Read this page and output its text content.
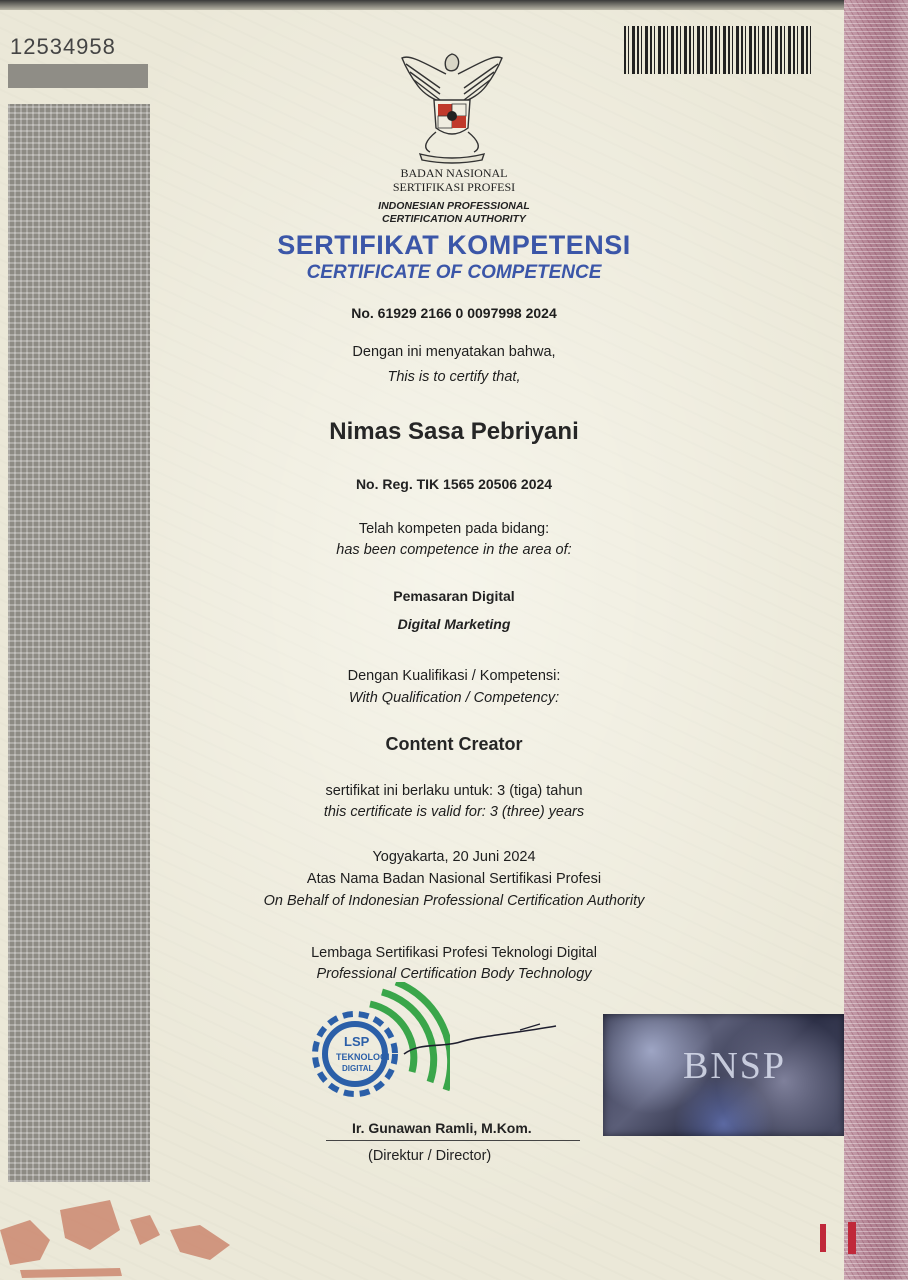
12534958
BADAN NASIONAL
SERTIFIKASI PROFESI
INDONESIAN PROFESSIONAL
CERTIFICATION AUTHORITY
SERTIFIKAT KOMPETENSI
CERTIFICATE OF COMPETENCE
No. 61929 2166 0 0097998 2024
Dengan ini menyatakan bahwa,
This is to certify that,
Nimas Sasa Pebriyani
No. Reg. TIK 1565 20506 2024
Telah kompeten pada bidang:
has been competence in the area of:
Pemasaran Digital
Digital Marketing
Dengan Kualifikasi / Kompetensi:
With Qualification / Competency:
Content Creator
sertifikat ini berlaku untuk: 3 (tiga) tahun
this certificate is valid for: 3 (three) years
Yogyakarta, 20 Juni 2024
Atas Nama Badan Nasional Sertifikasi Profesi
On Behalf of Indonesian Professional Certification Authority
Lembaga Sertifikasi Profesi Teknologi Digital
Professional Certification Body Technology
LSP
TEKNOLOGI
DIGITAL
Ir. Gunawan Ramli, M.Kom.
(Direktur / Director)
BNSP
